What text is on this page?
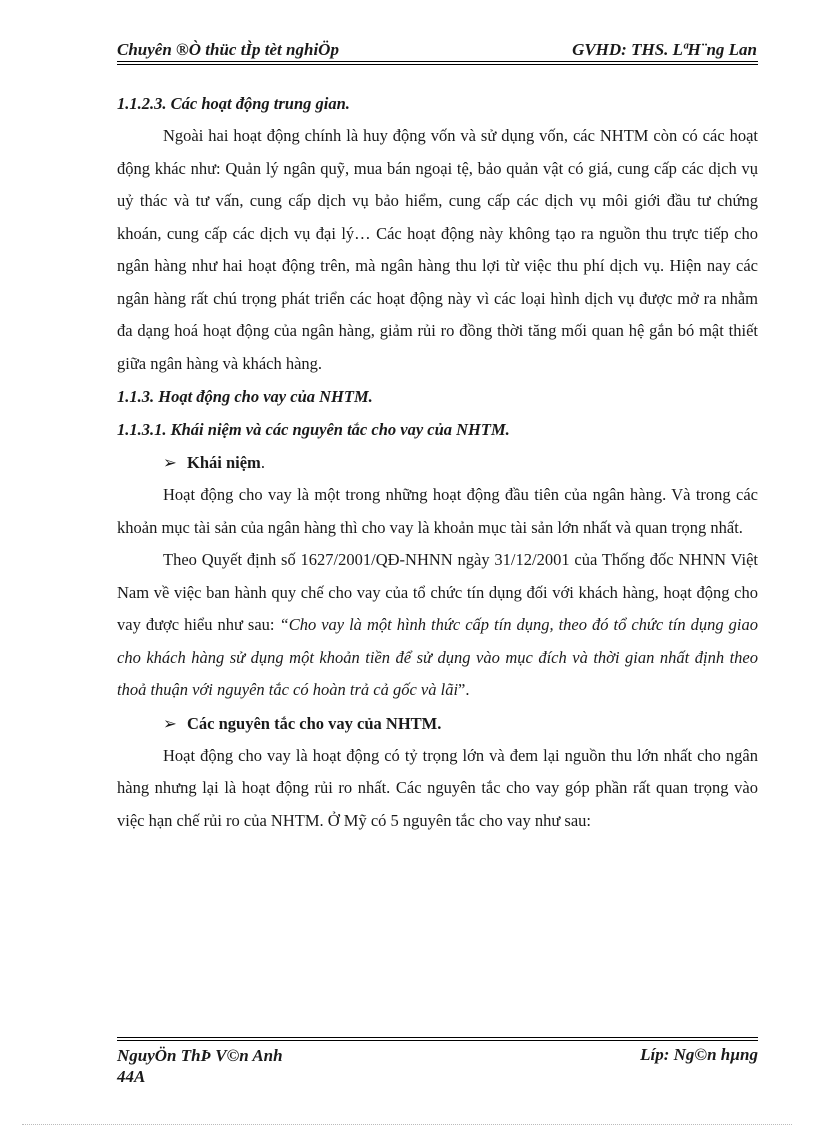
Chuyên ®Ò thüc tÌp tèt nghiÖp	GVHD: THS. LªH¨ng Lan

1.1.2.3. Các hoạt động trung gian.

Ngoài hai hoạt động chính là huy động vốn và sử dụng vốn, các NHTM còn có các hoạt động khác như: Quản lý ngân quỹ, mua bán ngoại tệ, bảo quản vật có giá, cung cấp các dịch vụ uỷ thác và tư vấn, cung cấp dịch vụ bảo hiểm, cung cấp các dịch vụ môi giới đầu tư chứng khoán, cung cấp các dịch vụ đại lý… Các hoạt động này không tạo ra nguồn thu trực tiếp cho ngân hàng như hai hoạt động trên, mà ngân hàng thu lợi từ việc thu phí dịch vụ. Hiện nay các ngân hàng rất chú trọng phát triển các hoạt động này vì các loại hình dịch vụ được mở ra nhằm đa dạng hoá hoạt động của ngân hàng, giảm rủi ro đồng thời tăng mối quan hệ gắn bó mật thiết giữa ngân hàng và khách hàng.

1.1.3. Hoạt động cho vay của NHTM.

1.1.3.1. Khái niệm và các nguyên tắc cho vay của NHTM.

➢ Khái niệm.

Hoạt động cho vay là một trong những hoạt động đầu tiên của ngân hàng. Và trong các khoản mục tài sản của ngân hàng thì cho vay là khoản mục tài sản lớn nhất và quan trọng nhất.

Theo Quyết định số 1627/2001/QĐ-NHNN ngày 31/12/2001 của Thống đốc NHNN Việt Nam về việc ban hành quy chế cho vay của tổ chức tín dụng đối với khách hàng, hoạt động cho vay được hiểu như sau: “Cho vay là một hình thức cấp tín dụng, theo đó tổ chức tín dụng giao cho khách hàng sử dụng một khoản tiền để sử dụng vào mục đích và thời gian nhất định theo thoả thuận với nguyên tắc có hoàn trả cả gốc và lãi”.

➢ Các nguyên tắc cho vay của NHTM.

Hoạt động cho vay là hoạt động có tỷ trọng lớn và đem lại nguồn thu lớn nhất cho ngân hàng nhưng lại là hoạt động rủi ro nhất. Các nguyên tắc cho vay góp phần rất quan trọng vào việc hạn chế rủi ro của NHTM. Ở Mỹ có 5 nguyên tắc cho vay như sau:

NguyÖn ThÞ V©n Anh
44A
Líp: Ng©n hµng
